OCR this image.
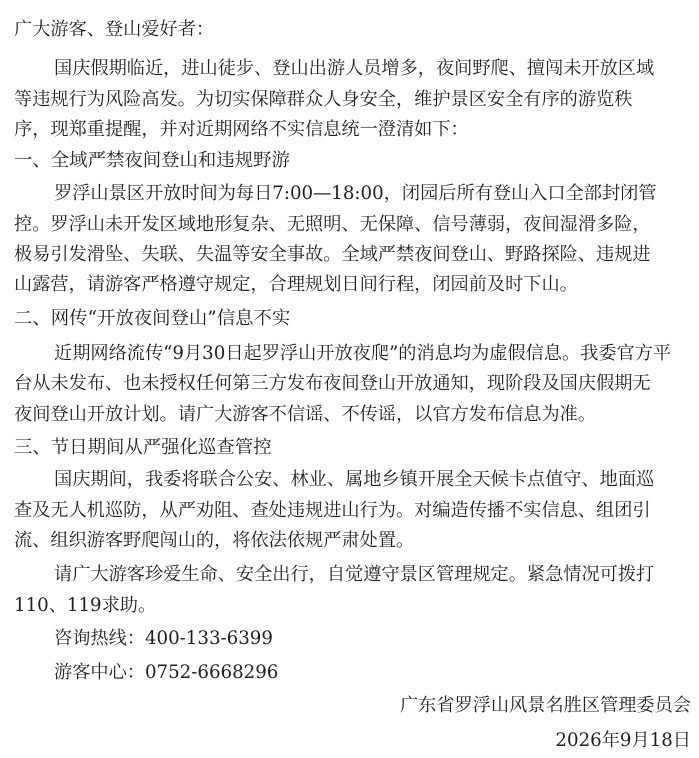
广大游客、登山爱好者：
国庆假期临近，进山徒步、登山出游人员增多，夜间野爬、擅闯未开放区域
等违规行为风险高发。为切实保障群众人身安全，维护景区安全有序的游览秩
序，现郑重提醒，并对近期网络不实信息统一澄清如下：
一、全域严禁夜间登山和违规野游
罗浮山景区开放时间为每日7:00—18:00，闭园后所有登山入口全部封闭管
控。罗浮山未开发区域地形复杂、无照明、无保障、信号薄弱，夜间湿滑多险，
极易引发滑坠、失联、失温等安全事故。全域严禁夜间登山、野路探险、违规进
山露营，请游客严格遵守规定，合理规划日间行程，闭园前及时下山。
二、网传“开放夜间登山”信息不实
近期网络流传“9月30日起罗浮山开放夜爬”的消息均为虚假信息。我委官方平
台从未发布、也未授权任何第三方发布夜间登山开放通知，现阶段及国庆假期无
夜间登山开放计划。请广大游客不信谣、不传谣，以官方发布信息为准。
三、节日期间从严强化巡查管控
国庆期间，我委将联合公安、林业、属地乡镇开展全天候卡点值守、地面巡
查及无人机巡防，从严劝阻、查处违规进山行为。对编造传播不实信息、组团引
流、组织游客野爬闯山的，将依法依规严肃处置。
请广大游客珍爱生命、安全出行，自觉遵守景区管理规定。紧急情况可拨打
110、119求助。
咨询热线：400-133-6399
游客中心：0752-6668296
广东省罗浮山风景名胜区管理委员会
2026年9月18日
